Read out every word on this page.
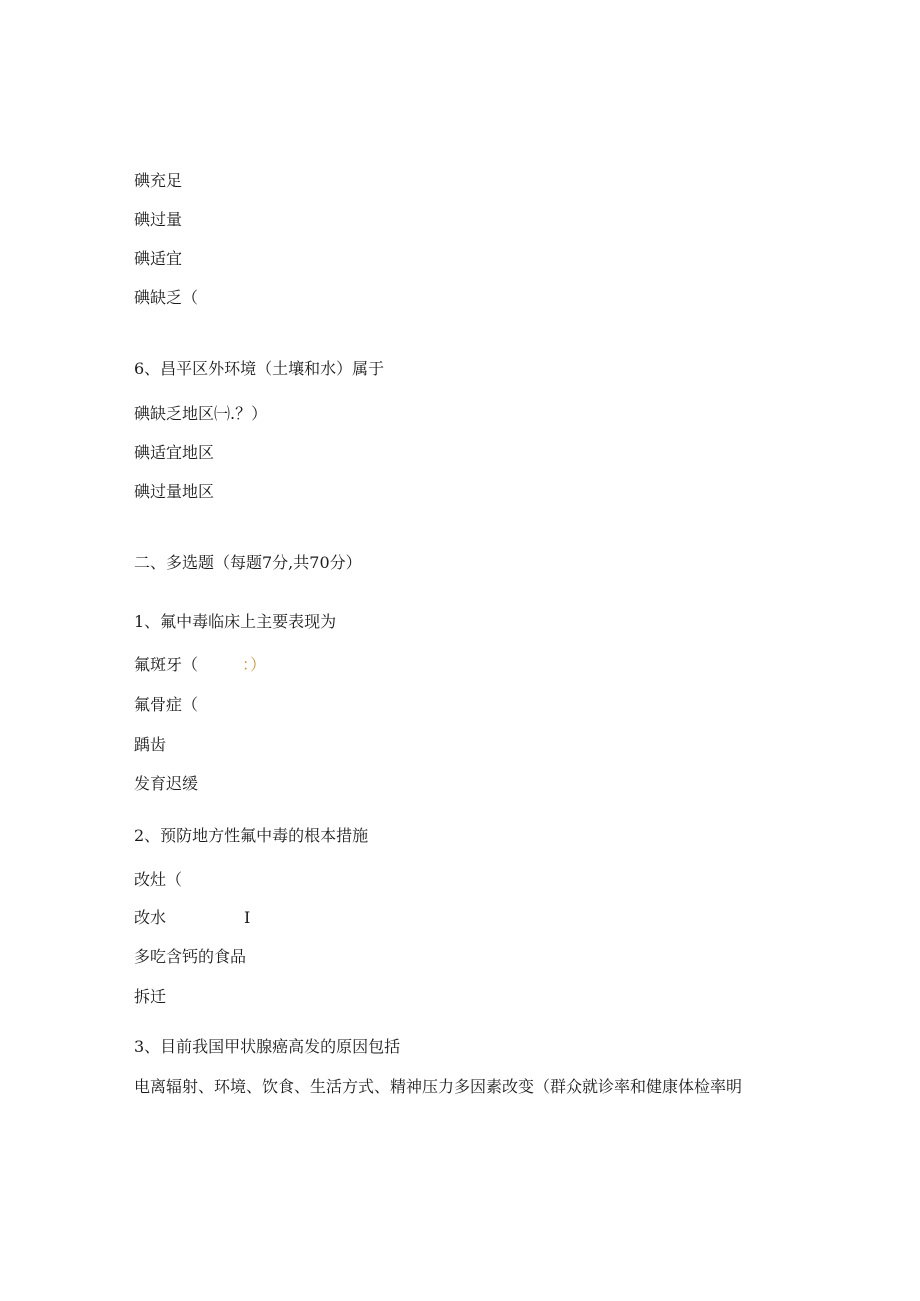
碘充足
碘过量
碘适宜
碘缺乏（
6、昌平区外环境（土壤和水）属于
碘缺乏地区㈠.？）
碘适宜地区
碘过量地区
二、多选题（每题7分,共70分）
1、氟中毒临床上主要表现为
氟斑牙（	：）
氟骨症（
踽齿
发育迟缓
2、预防地方性氟中毒的根本措施
改灶（
改水	I
多吃含钙的食品
拆迁
3、目前我国甲状腺癌高发的原因包括
电离辐射、环境、饮食、生活方式、精神压力多因素改变（群众就诊率和健康体检率明
